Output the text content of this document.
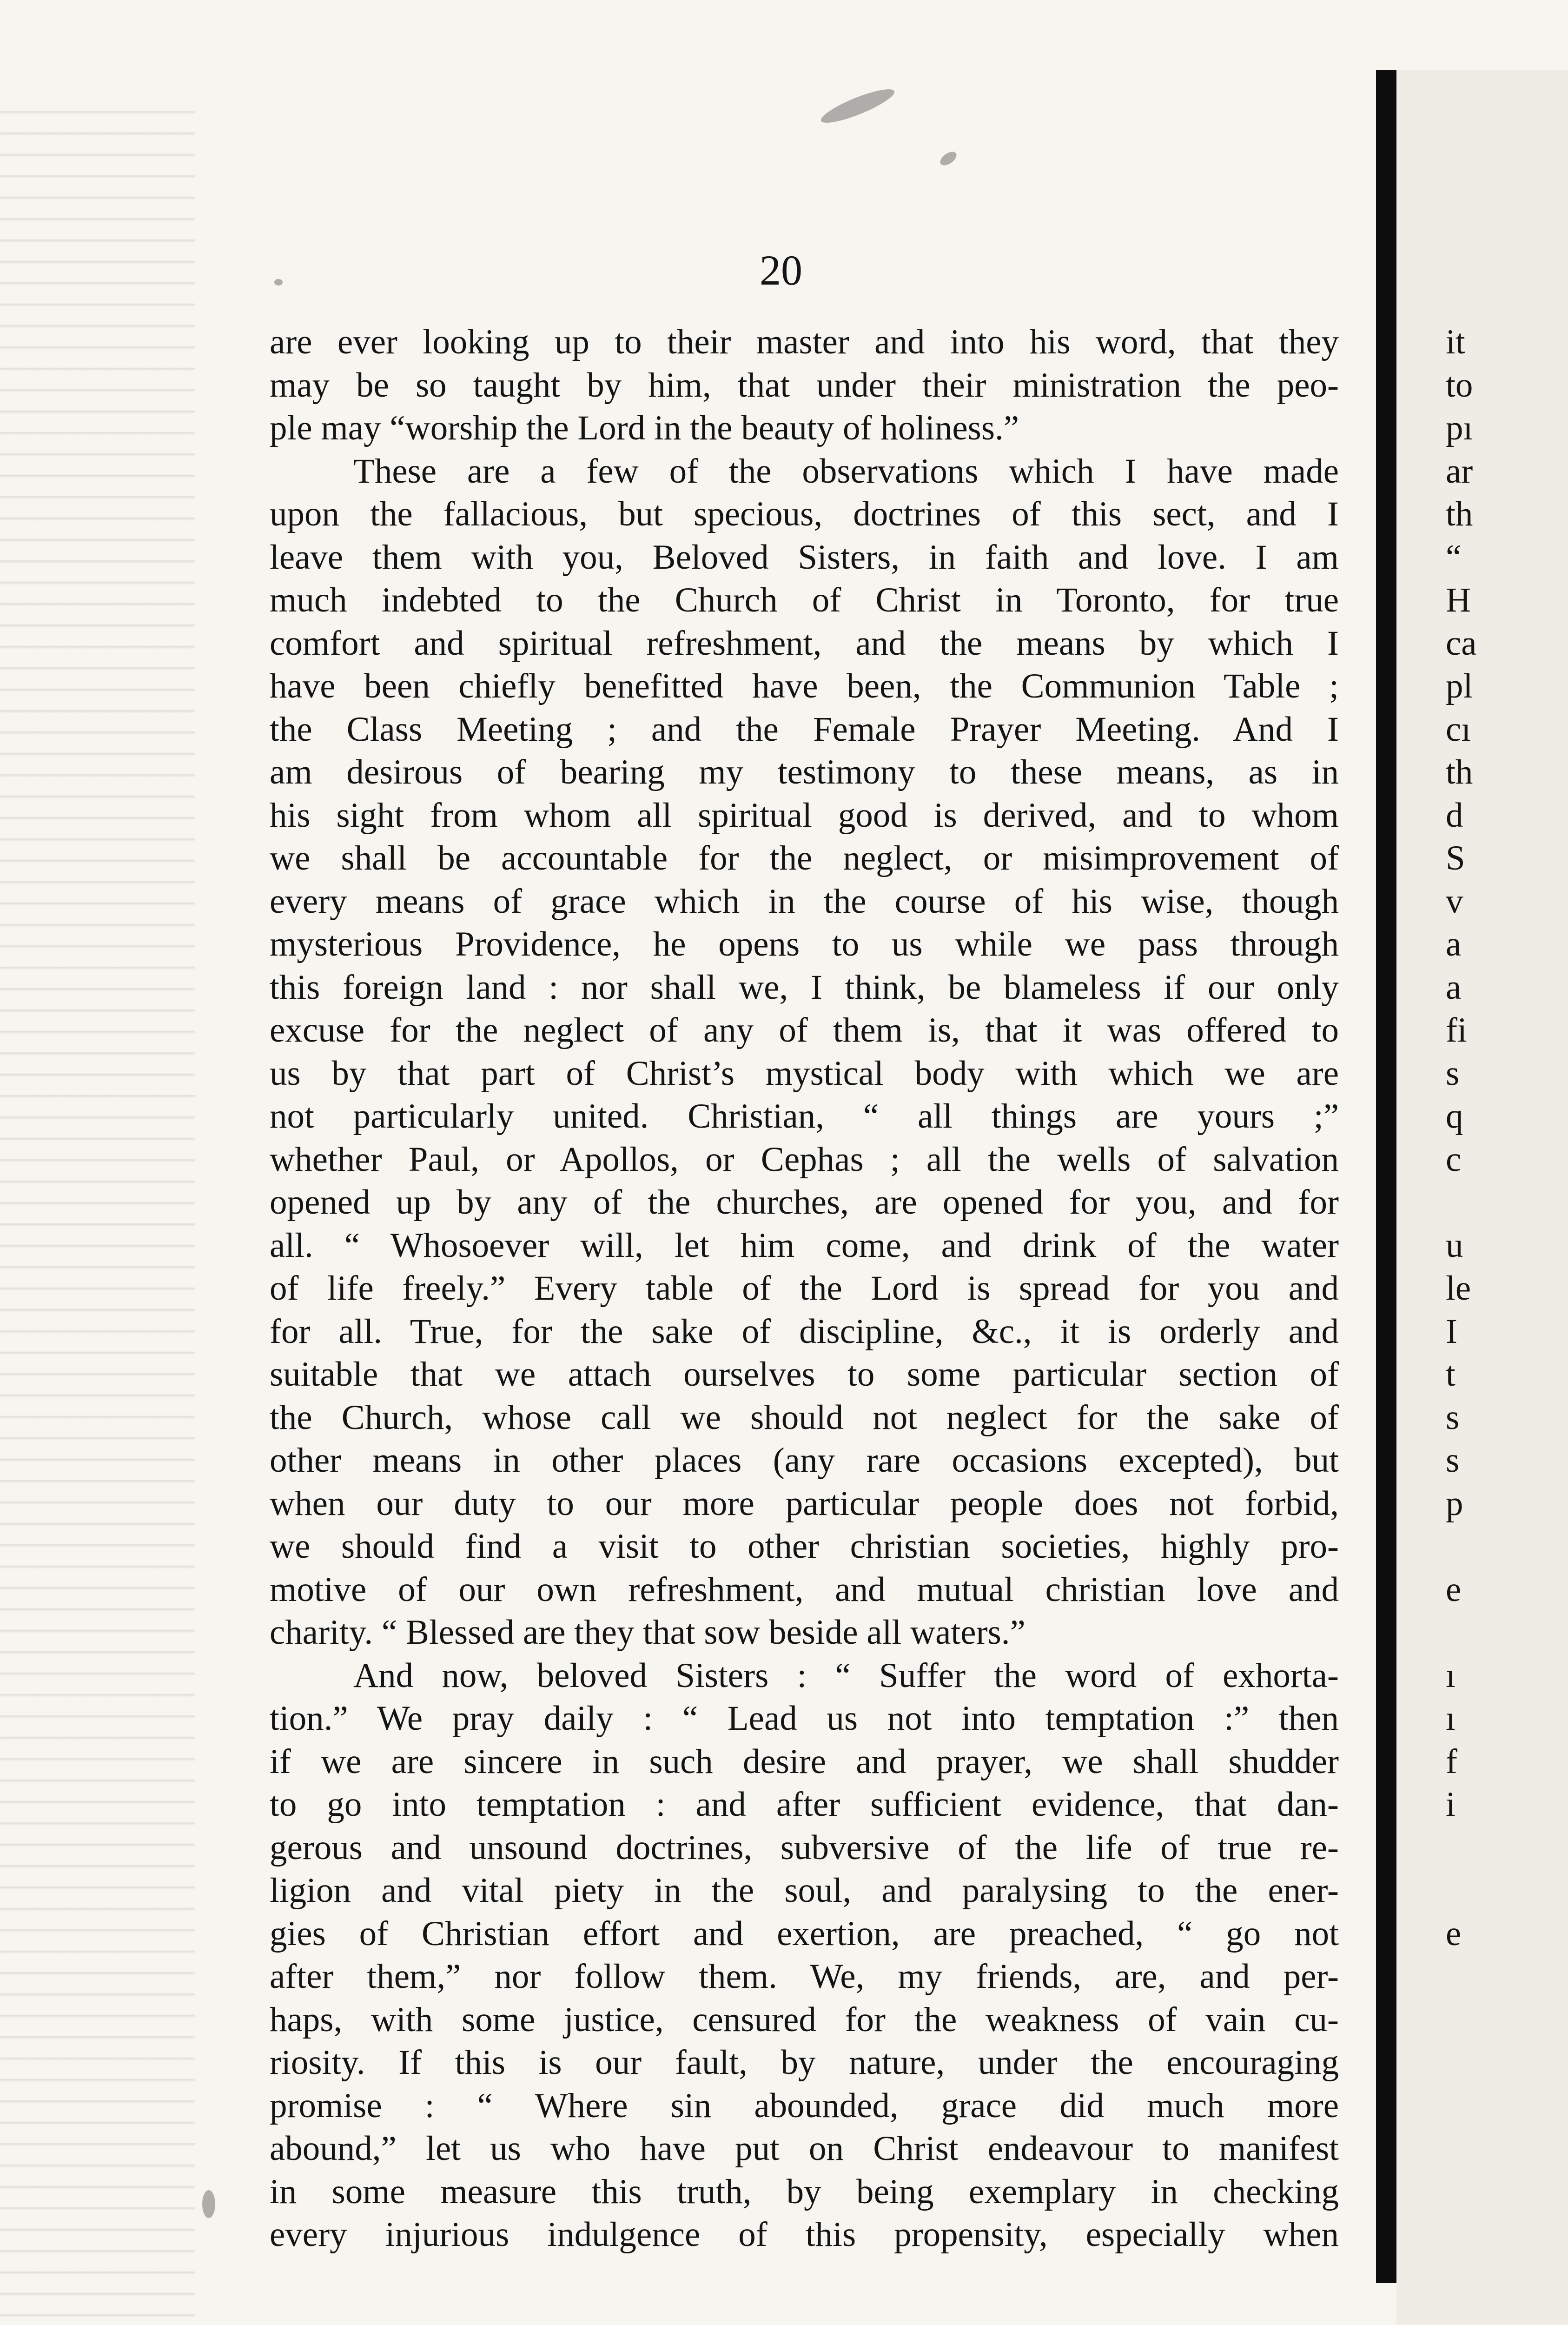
20
are ever looking up to their master and into his word, that they
may be so taught by him, that under their ministration the peo-
ple may “worship the Lord in the beauty of holiness.”
These are a few of the observations which I have made
upon the fallacious, but specious, doctrines of this sect, and I
leave them with you, Beloved Sisters, in faith and love. I am
much indebted to the Church of Christ in Toronto, for true
comfort and spiritual refreshment, and the means by which I
have been chiefly benefitted have been, the Communion Table ;
the Class Meeting ; and the Female Prayer Meeting. And I
am desirous of bearing my testimony to these means, as in
his sight from whom all spiritual good is derived, and to whom
we shall be accountable for the neglect, or misimprovement of
every means of grace which in the course of his wise, though
mysterious Providence, he opens to us while we pass through
this foreign land : nor shall we, I think, be blameless if our only
excuse for the neglect of any of them is, that it was offered to
us by that part of Christ’s mystical body with which we are
not particularly united. Christian, “ all things are yours ;”
whether Paul, or Apollos, or Cephas ; all the wells of salvation
opened up by any of the churches, are opened for you, and for
all. “ Whosoever will, let him come, and drink of the water
of life freely.” Every table of the Lord is spread for you and
for all. True, for the sake of discipline, &c., it is orderly and
suitable that we attach ourselves to some particular section of
the Church, whose call we should not neglect for the sake of
other means in other places (any rare occasions excepted), but
when our duty to our more particular people does not forbid,
we should find a visit to other christian societies, highly pro-
motive of our own refreshment, and mutual christian love and
charity. “ Blessed are they that sow beside all waters.”
And now, beloved Sisters : “ Suffer the word of exhorta-
tion.” We pray daily : “ Lead us not into temptation :” then
if we are sincere in such desire and prayer, we shall shudder
to go into temptation : and after sufficient evidence, that dan-
gerous and unsound doctrines, subversive of the life of true re-
ligion and vital piety in the soul, and paralysing to the ener-
gies of Christian effort and exertion, are preached, “ go not
after them,” nor follow them. We, my friends, are, and per-
haps, with some justice, censured for the weakness of vain cu-
riosity. If this is our fault, by nature, under the encouraging
promise : “ Where sin abounded, grace did much more
abound,” let us who have put on Christ endeavour to manifest
in some measure this truth, by being exemplary in checking
every injurious indulgence of this propensity, especially when
it
to
pı
ar
th
“
H
ca
pl
cı
th
d
S
v
a
a
fi
s
q
c
u
le
I
t
s
s
p
e
ı
ı
f
i
e
